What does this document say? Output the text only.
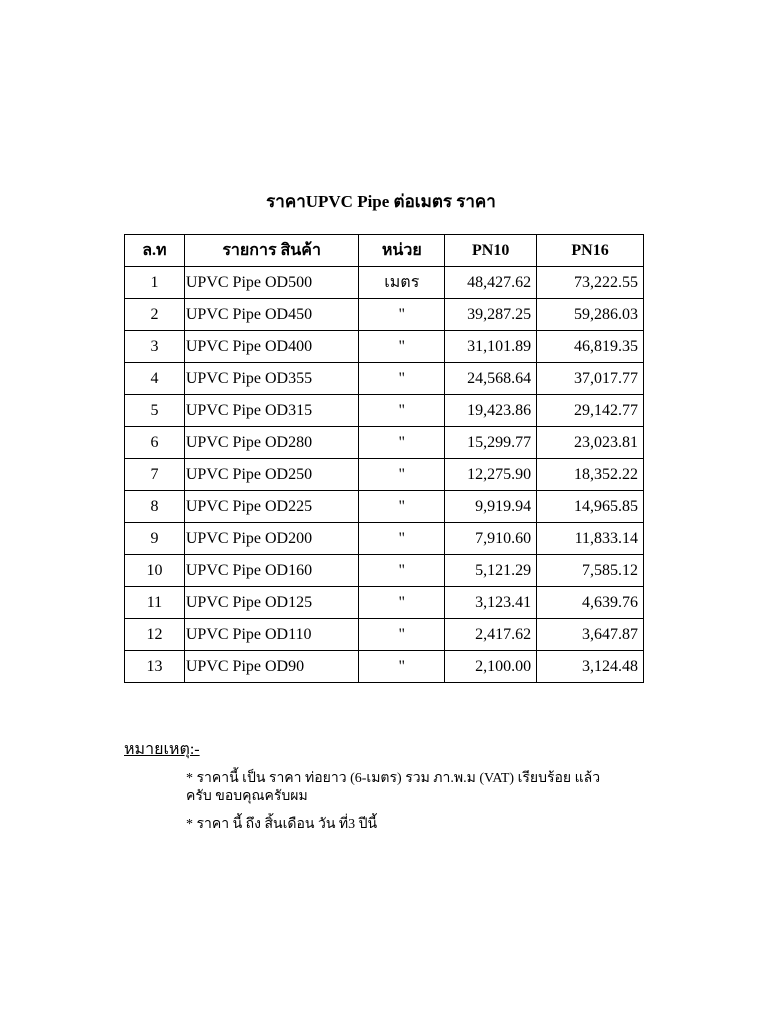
ราคาUPVC Pipe ต่อเมตร ราคา
ล.ท	รายการ สินค้า	หน่วย	PN10	PN16
1	UPVC Pipe OD500	เมตร	48,427.62	73,222.55
2	UPVC Pipe OD450	"	39,287.25	59,286.03
3	UPVC Pipe OD400	"	31,101.89	46,819.35
4	UPVC Pipe OD355	"	24,568.64	37,017.77
5	UPVC Pipe OD315	"	19,423.86	29,142.77
6	UPVC Pipe OD280	"	15,299.77	23,023.81
7	UPVC Pipe OD250	"	12,275.90	18,352.22
8	UPVC Pipe OD225	"	9,919.94	14,965.85
9	UPVC Pipe OD200	"	7,910.60	11,833.14
10	UPVC Pipe OD160	"	5,121.29	7,585.12
11	UPVC Pipe OD125	"	3,123.41	4,639.76
12	UPVC Pipe OD110	"	2,417.62	3,647.87
13	UPVC Pipe OD90	"	2,100.00	3,124.48
หมายเหตุ:-
* ราคานี้ เป็น ราคา ท่อยาว (6-เมตร) รวม ภา.พ.ม (VAT) เรียบร้อย แล้วครับ ขอบคุณครับผม
* ราคา นี้ ถึง สิ้นเดือน วัน ที่3 ปีนี้
